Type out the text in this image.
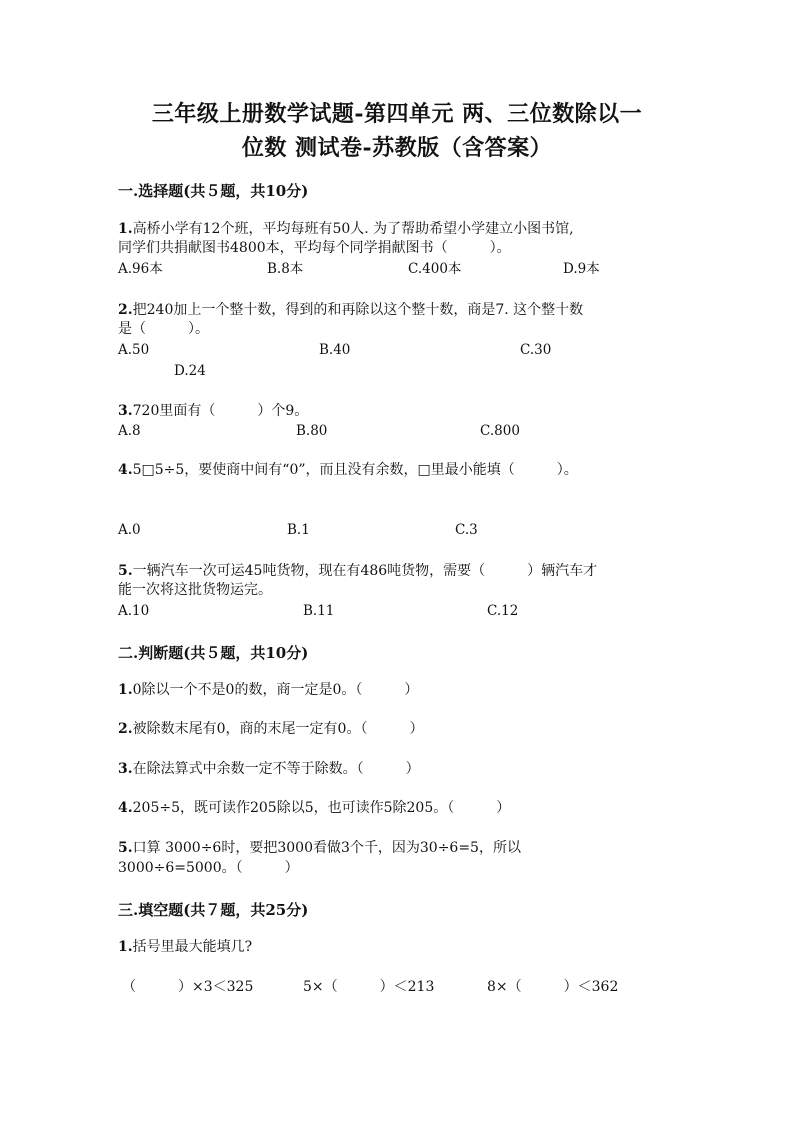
三年级上册数学试题-第四单元 两、三位数除以一
位数 测试卷-苏教版（含答案）
一.选择题(共５题，共10分)
1.高桥小学有12个班，平均每班有50人. 为了帮助希望小学建立小图书馆,
同学们共捐献图书4800本，平均每个同学捐献图书（　　　）。
A.96本	B.8本	C.400本	D.9本
2.把240加上一个整十数，得到的和再除以这个整十数，商是7. 这个整十数
是（　　　）。
A.50	B.40	C.30
D.24
3.720里面有（　　　）个9。
A.8	B.80	C.800
4.5□5÷5，要使商中间有“0”，而且没有余数，□里最小能填（　　　）。
A.0	B.1	C.3
5.一辆汽车一次可运45吨货物，现在有486吨货物，需要（　　　）辆汽车才
能一次将这批货物运完。
A.10	B.11	C.12
二.判断题(共５题，共10分)
1.0除以一个不是0的数，商一定是0。（　　　）
2.被除数末尾有0，商的末尾一定有0。（　　　）
3.在除法算式中余数一定不等于除数。（　　　）
4.205÷5，既可读作205除以5，也可读作5除205。（　　　）
5.口算 3000÷6时，要把3000看做3个千，因为30÷6=5，所以
3000÷6=5000。（　　　）
三.填空题(共７题，共25分)
1.括号里最大能填几?
（　　　）×3＜325	5×（　　　）＜213	8×（　　　）＜362
